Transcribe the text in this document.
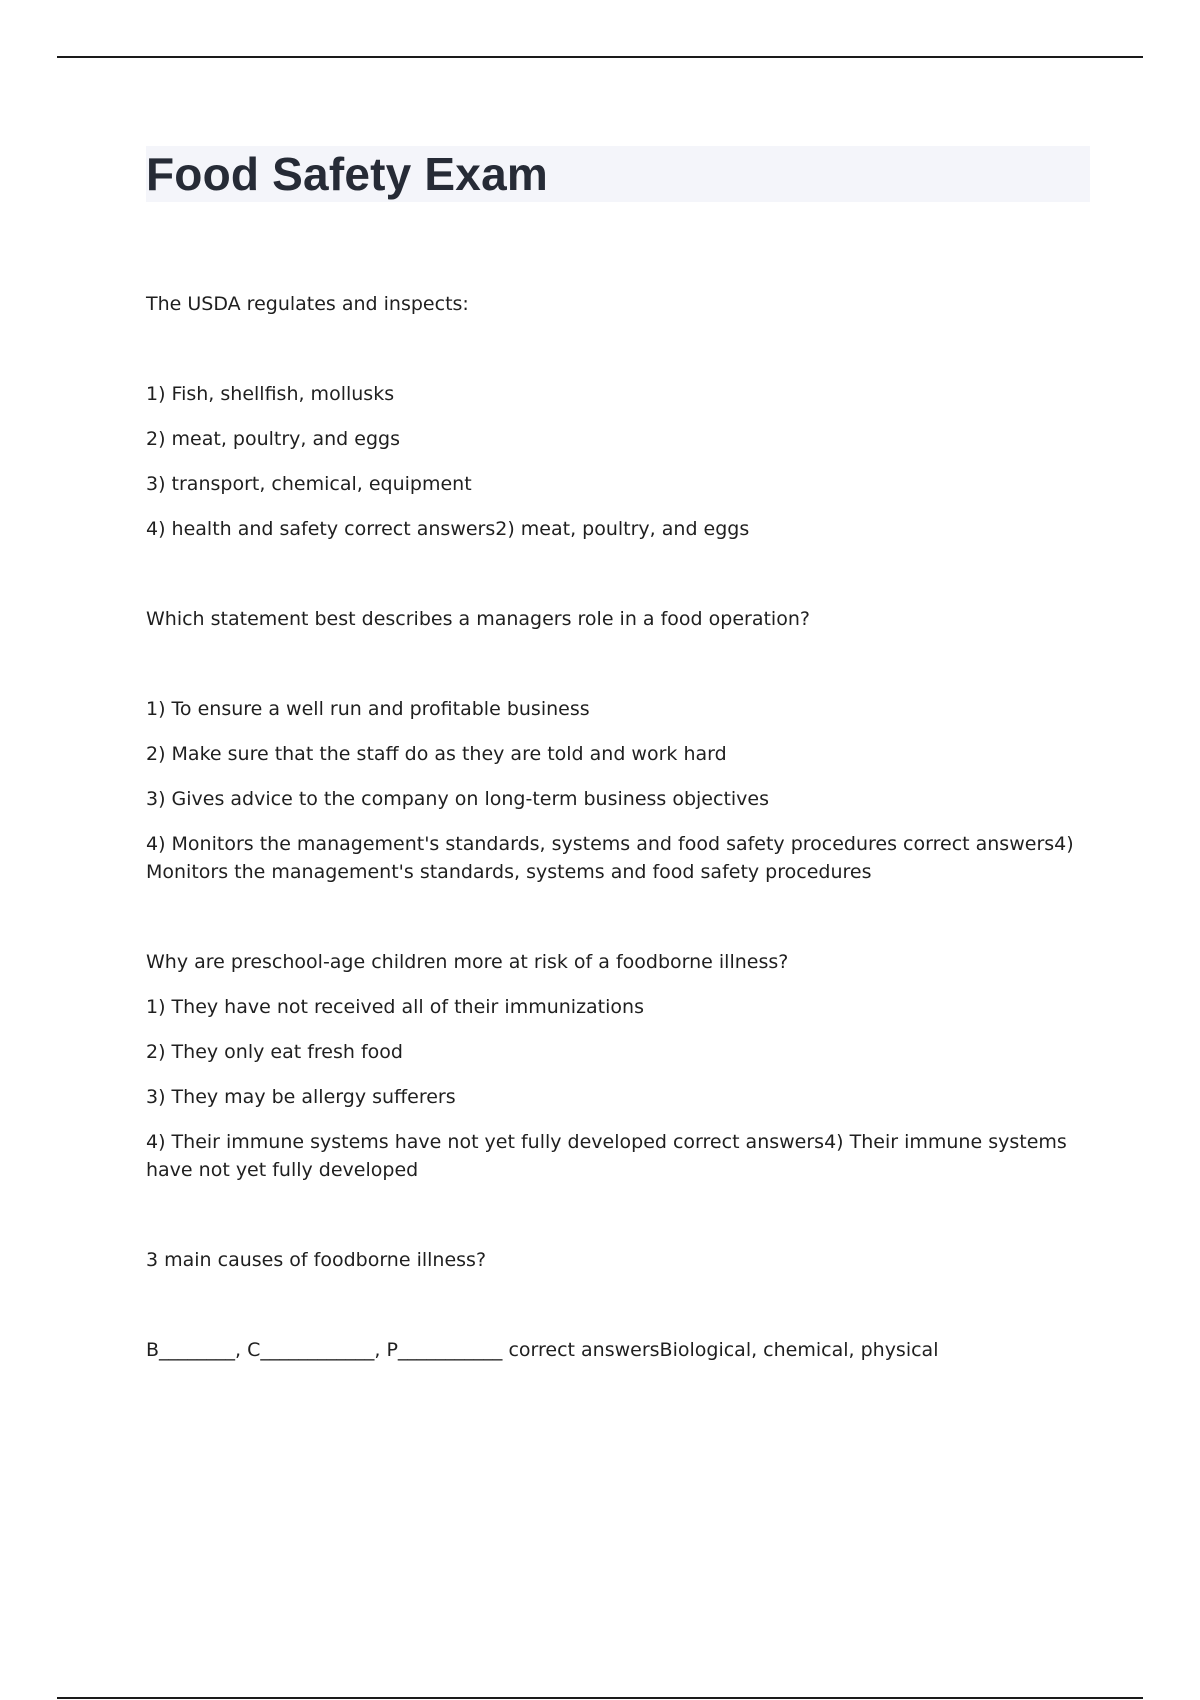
Food Safety Exam

The USDA regulates and inspects:

1) Fish, shellfish, mollusks
2) meat, poultry, and eggs
3) transport, chemical, equipment
4) health and safety correct answers2) meat, poultry, and eggs

Which statement best describes a managers role in a food operation?

1) To ensure a well run and profitable business
2) Make sure that the staff do as they are told and work hard
3) Gives advice to the company on long-term business objectives
4) Monitors the management's standards, systems and food safety procedures correct answers4) Monitors the management's standards, systems and food safety procedures

Why are preschool-age children more at risk of a foodborne illness?

1) They have not received all of their immunizations
2) They only eat fresh food
3) They may be allergy sufferers
4) Their immune systems have not yet fully developed correct answers4) Their immune systems have not yet fully developed

3 main causes of foodborne illness?

B________, C____________, P___________ correct answersBiological, chemical, physical
